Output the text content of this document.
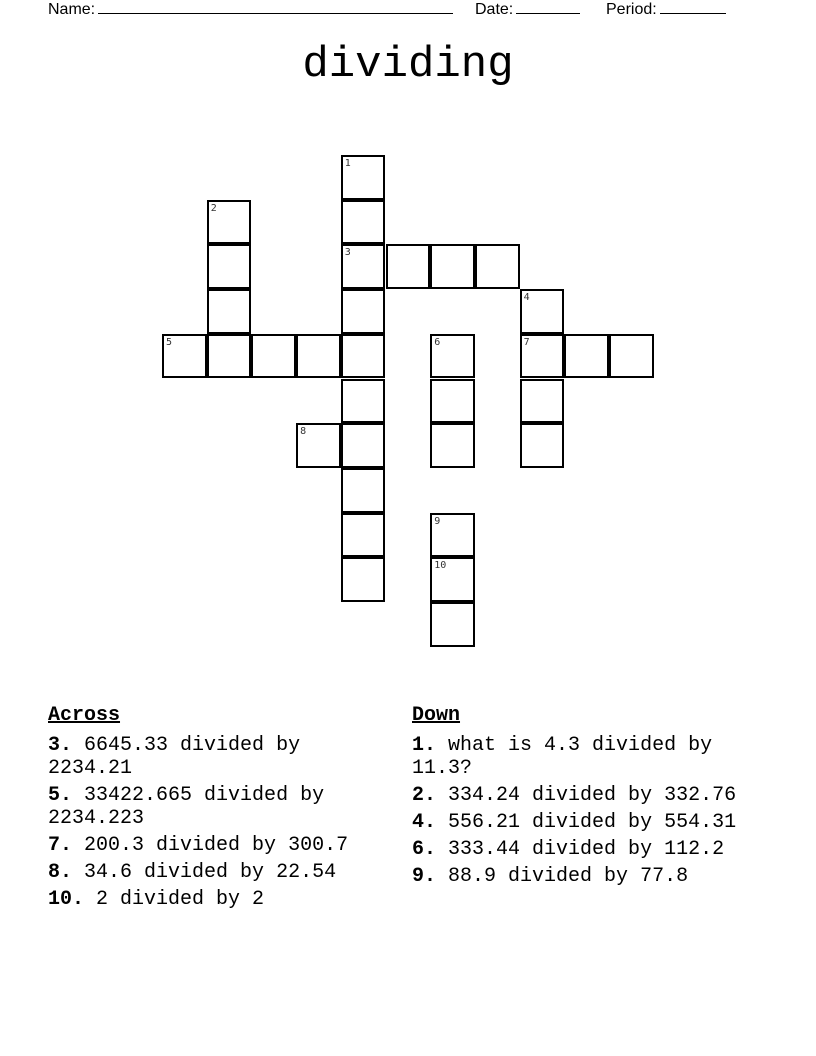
Name:	Date:	Period:
dividing
1
2
3
4
5	6	7
8
9
10
Across
3. 6645.33 divided by 2234.21
5. 33422.665 divided by 2234.223
7. 200.3 divided by 300.7
8. 34.6 divided by 22.54
10. 2 divided by 2
Down
1. what is 4.3 divided by 11.3?
2. 334.24 divided by 332.76
4. 556.21 divided by 554.31
6. 333.44 divided by 112.2
9. 88.9 divided by 77.8
